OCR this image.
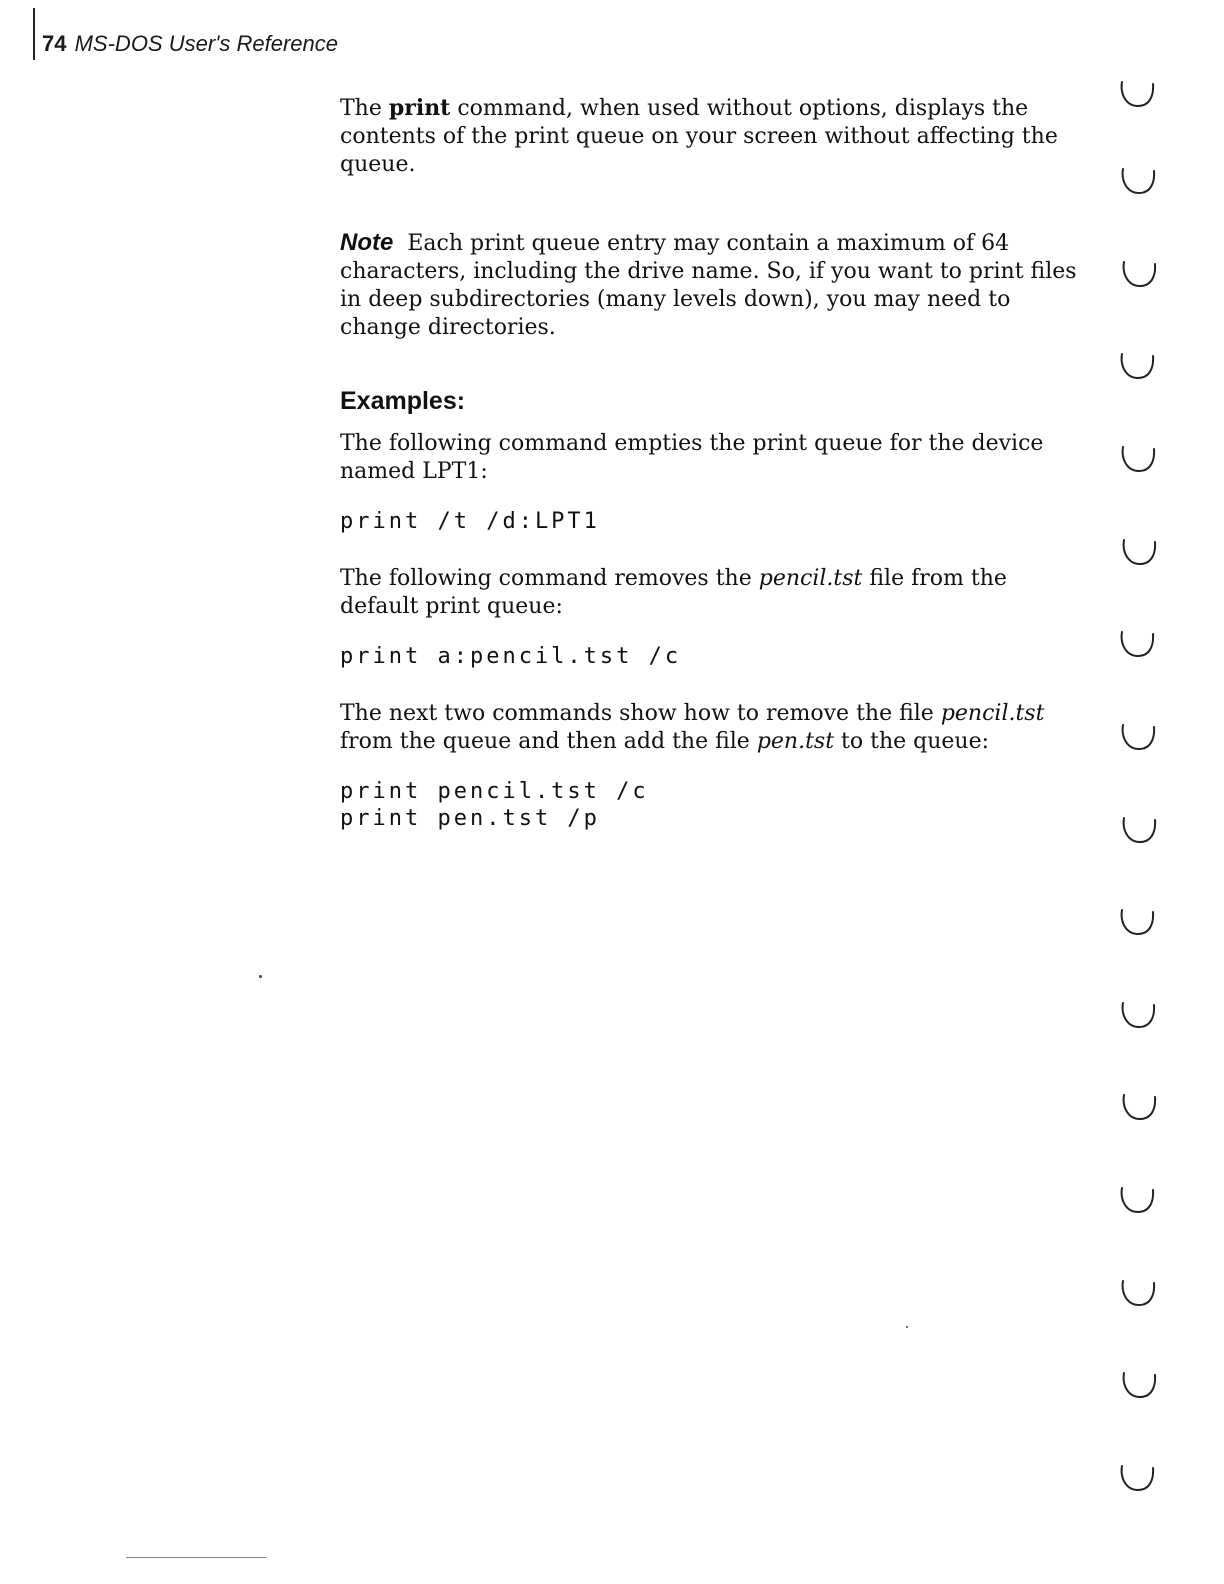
74 MS-DOS User's Reference

The print command, when used without options, displays the contents of the print queue on your screen without affecting the queue.

Note Each print queue entry may contain a maximum of 64 characters, including the drive name. So, if you want to print files in deep subdirectories (many levels down), you may need to change directories.

Examples:

The following command empties the print queue for the device named LPT1:

print /t /d:LPT1

The following command removes the pencil.tst file from the default print queue:

print a:pencil.tst /c

The next two commands show how to remove the file pencil.tst from the queue and then add the file pen.tst to the queue:

print pencil.tst /c
print pen.tst /p
